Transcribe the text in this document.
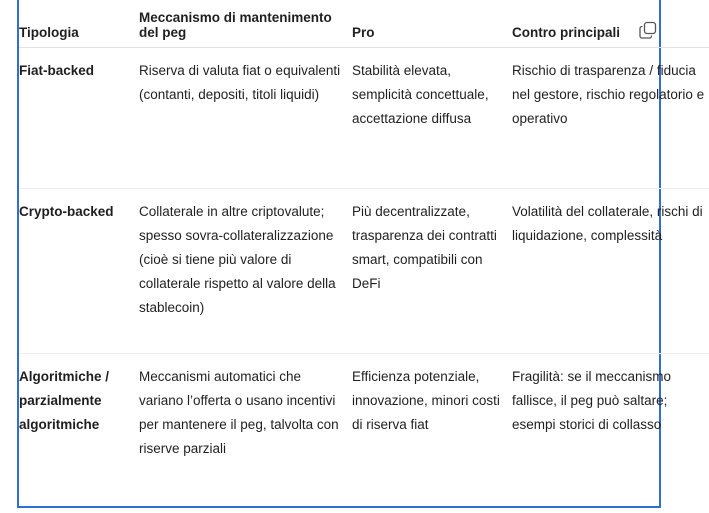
Tipologia	Meccanismo di mantenimento del peg	Pro	Contro principali
Fiat-backed	Riserva di valuta fiat o equivalenti (contanti, depositi, titoli liquidi)	Stabilità elevata, semplicità concettuale, accettazione diffusa	Rischio di trasparenza / fiducia nel gestore, rischio regolatorio e operativo
Crypto-backed	Collaterale in altre criptovalute; spesso sovra-collateralizzazione (cioè si tiene più valore di collaterale rispetto al valore della stablecoin)	Più decentralizzate, trasparenza dei contratti smart, compatibili con DeFi	Volatilità del collaterale, rischi di liquidazione, complessità
Algoritmiche / parzialmente algoritmiche	Meccanismi automatici che variano l’offerta o usano incentivi per mantenere il peg, talvolta con riserve parziali	Efficienza potenziale, innovazione, minori costi di riserva fiat	Fragilità: se il meccanismo fallisce, il peg può saltare; esempi storici di collasso
